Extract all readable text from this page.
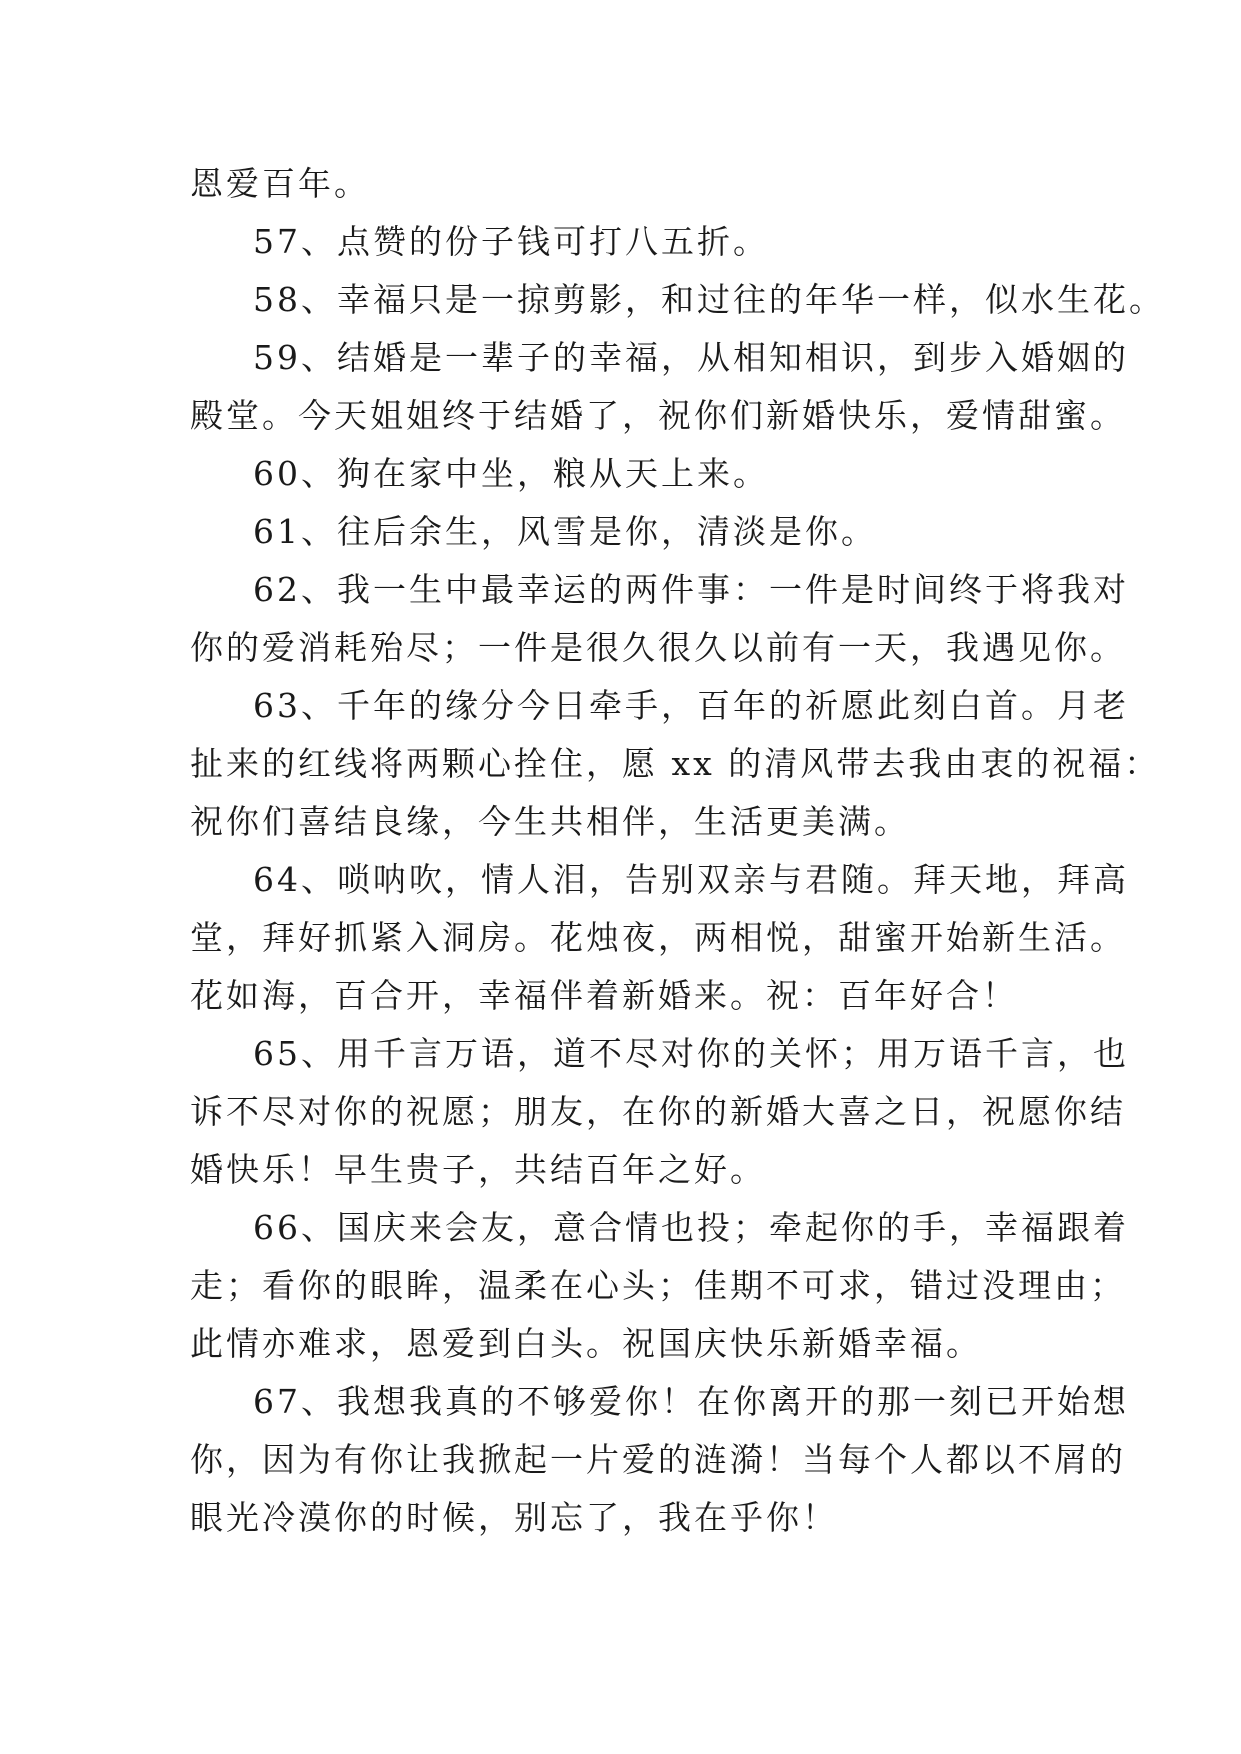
恩爱百年。
57、点赞的份子钱可打八五折。
58、幸福只是一掠剪影，和过往的年华一样，似水生花。
59、结婚是一辈子的幸福，从相知相识，到步入婚姻的
殿堂。今天姐姐终于结婚了，祝你们新婚快乐，爱情甜蜜。
60、狗在家中坐，粮从天上来。
61、往后余生，风雪是你，清淡是你。
62、我一生中最幸运的两件事：一件是时间终于将我对
你的爱消耗殆尽；一件是很久很久以前有一天，我遇见你。
63、千年的缘分今日牵手，百年的祈愿此刻白首。月老
扯来的红线将两颗心拴住，愿 xx 的清风带去我由衷的祝福：
祝你们喜结良缘，今生共相伴，生活更美满。
64、唢呐吹，情人泪，告别双亲与君随。拜天地，拜高
堂，拜好抓紧入洞房。花烛夜，两相悦，甜蜜开始新生活。
花如海，百合开，幸福伴着新婚来。祝：百年好合！
65、用千言万语，道不尽对你的关怀；用万语千言，也
诉不尽对你的祝愿；朋友，在你的新婚大喜之日，祝愿你结
婚快乐！早生贵子，共结百年之好。
66、国庆来会友，意合情也投；牵起你的手，幸福跟着
走；看你的眼眸，温柔在心头；佳期不可求，错过没理由；
此情亦难求，恩爱到白头。祝国庆快乐新婚幸福。
67、我想我真的不够爱你！在你离开的那一刻已开始想
你，因为有你让我掀起一片爱的涟漪！当每个人都以不屑的
眼光冷漠你的时候，别忘了，我在乎你！
